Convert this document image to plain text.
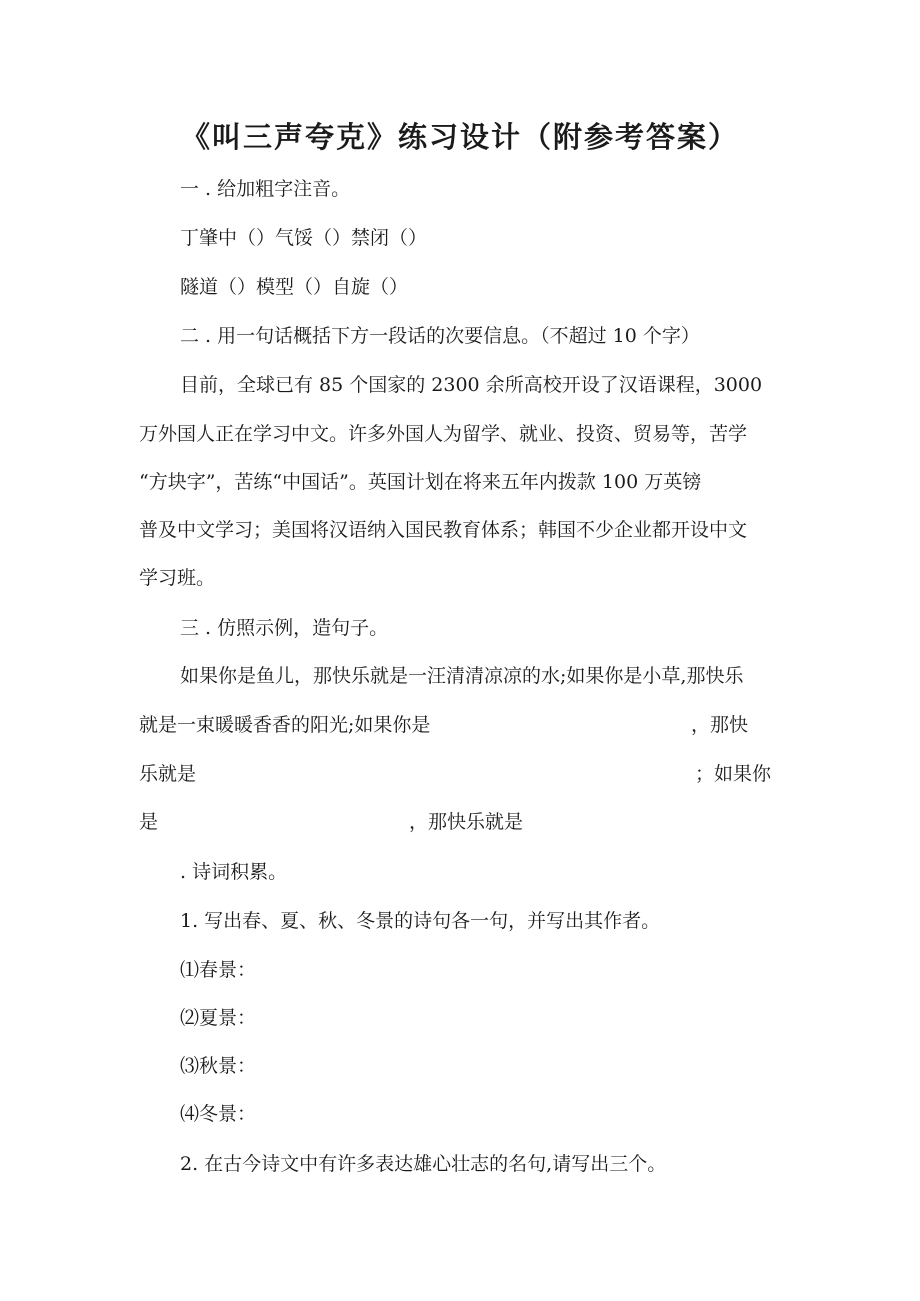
《叫三声夸克》练习设计（附参考答案）
一 . 给加粗字注音。
丁肇中（）气馁（）禁闭（）
隧道（）模型（）自旋（）
二 . 用一句话概括下方一段话的次要信息。（不超过 10 个字）
目前，全球已有 85 个国家的 2300 余所高校开设了汉语课程，3000
万外国人正在学习中文。许多外国人为留学、就业、投资、贸易等，苦学
“方块字”，苦练“中国话”。英国计划在将来五年内拨款 100 万英镑
普及中文学习；美国将汉语纳入国民教育体系；韩国不少企业都开设中文
学习班。
三 . 仿照示例，造句子。
如果你是鱼儿，那快乐就是一汪清清凉凉的水;如果你是小草,那快乐
就是一束暖暖香香的阳光;如果你是	，那快
乐就是	；如果你
是	，那快乐就是
. 诗词积累。
1. 写出春、夏、秋、冬景的诗句各一句，并写出其作者。
⑴春景：
⑵夏景：
⑶秋景：
⑷冬景：
2. 在古今诗文中有许多表达雄心壮志的名句,请写出三个。
